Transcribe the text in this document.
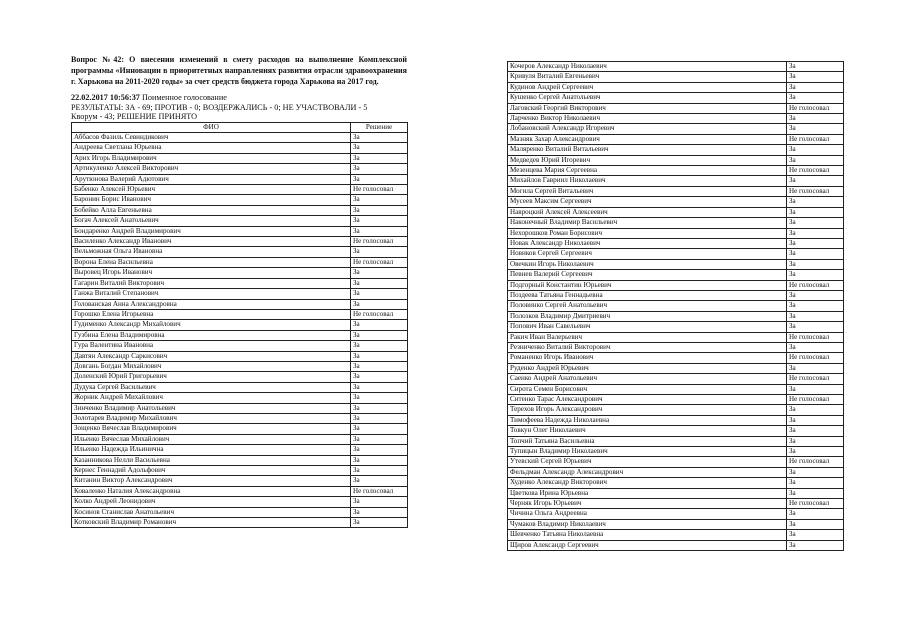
Вопрос №42: О внесении изменений в смету расходов на выполнение Комплексной программы «Инновации в приоритетных направлениях развития отрасли здравоохранения г. Харькова на 2011-2020 годы» за счет средств бюджета города Харькова на 2017 год.

22.02.2017 10:56:37 Поименное голосование
РЕЗУЛЬТАТЫ: ЗА - 69; ПРОТИВ - 0; ВОЗДЕРЖАЛИСЬ - 0; НЕ УЧАСТВОВАЛИ - 5
Кворум - 43; РЕШЕНИЕ ПРИНЯТО
ФИО	Решение
Аббасов Фазиль Севиндикович	За
Андреева Светлана Юрьевна	За
Арих Игорь Владимирович	За
Артикуленко Алексей Викторович	За
Арутюнова Валерий Адютович	За
Бабенко Алексей Юрьевич	Не голосовал
Баронин Борис Иванович	За
Бобейко Алла Евгеньевна	За
Богач Алексей Анатольевич	За
Бондаренко Андрей Владимирович	За
Василенко Александр Иванович	Не голосовал
Вельможная Ольга Ивановна	За
Ворона Елена Васильевна	Не голосовал
Выровец Игорь Иванович	За
Гагарин Виталий Викторович	За
Ганжа Виталий Степанович	За
Голованская Анна Александровна	За
Горошко Елена Игорьевна	Не голосовал
Гудименко Александр Михайлович	За
Гузбина Елена Владимировна	За
Гура Валентина Ивановна	За
Давтян Александр Саркисович	За
Довгань Богдан Михайлович	За
Доленский Юрий Григорьевич	За
Дудука Сергей Васильевич	За
Жорник Андрей Михайлович	За
Зинченко Владимир Анатольевич	За
Золотарев Владимир Михайлович	За
Зощенко Вячеслав Владимирович	За
Ильенко Вячеслав Михайлович	За
Ильенко Надежда Ильинична	За
Казанникова Нелли Васильевна	За
Кернес Геннадий Адольфович	За
Китанин Виктор Александрович	За
Коваленко Наталия Александровна	Не голосовал
Колко Андрей Леонидович	За
Косинов Станислав Анатольевич	За
Котковский Владимир Романович	За
Кочеров Александр Николаевич	За
Кривуля Виталий Евгеньевич	За
Кудинов Андрей Сергеевич	За
Кушенко Сергей Анатольевич	За
Лаговский Георгий Викторович	Не голосовал
Ларченко Виктор Николаевич	За
Лобановский Александр Игоревич	За
Мазняк Захар Александрович	Не голосовал
Маляренко Виталий Витальевич	За
Медведев Юрий Игоревич	За
Мезенцева Мария Сергеевна	Не голосовал
Михайлов Гавриил Николаевич	За
Могила Сергей Витальевич	Не голосовал
Мусеев Максим Сергеевич	За
Навроцкий Алексей Алексеевич	За
Наконечный Владимир Васильевич	За
Нехорошков Роман Борисович	За
Новак Александр Николаевич	За
Новиков Сергей Сергеевич	За
Овечкин Игорь Николаевич	За
Певнев Валерий Сергеевич	За
Подгорный Константин Юрьевич	Не голосовал
Поздеева Татьяна Геннадьевна	За
Половинко Сергей Анатольевич	За
Полозков Владимир Дмитриевич	За
Попович Иван Савельевич	За
Ракич Иван Валерьевич	Не голосовал
Резниченко Виталий Викторович	За
Романенко Игорь Иванович	Не голосовал
Руденко Андрей Юрьевич	За
Саенко Андрей Анатольевич	Не голосовал
Сирота Семен Борисович	За
Ситенко Тарас Александрович	Не голосовал
Терехов Игорь Александрович	За
Тимофеева Надежда Николаевна	За
Товкун Олег Николаевич	За
Топчий Татьяна Васильевна	За
Тупицын Владимир Николаевич	За
Утевский Сергей Юрьевич	Не голосовал
Фельдман Александр Александрович	За
Худенко Александр Викторович	За
Цветкова Ирина Юрьевна	За
Черняк Игорь Юрьевич	Не голосовал
Чичина Ольга Андреевна	За
Чумаков Владимир Николаевич	За
Шевченко Татьяна Николаевна	За
Щиров Александр Сергеевич	За
